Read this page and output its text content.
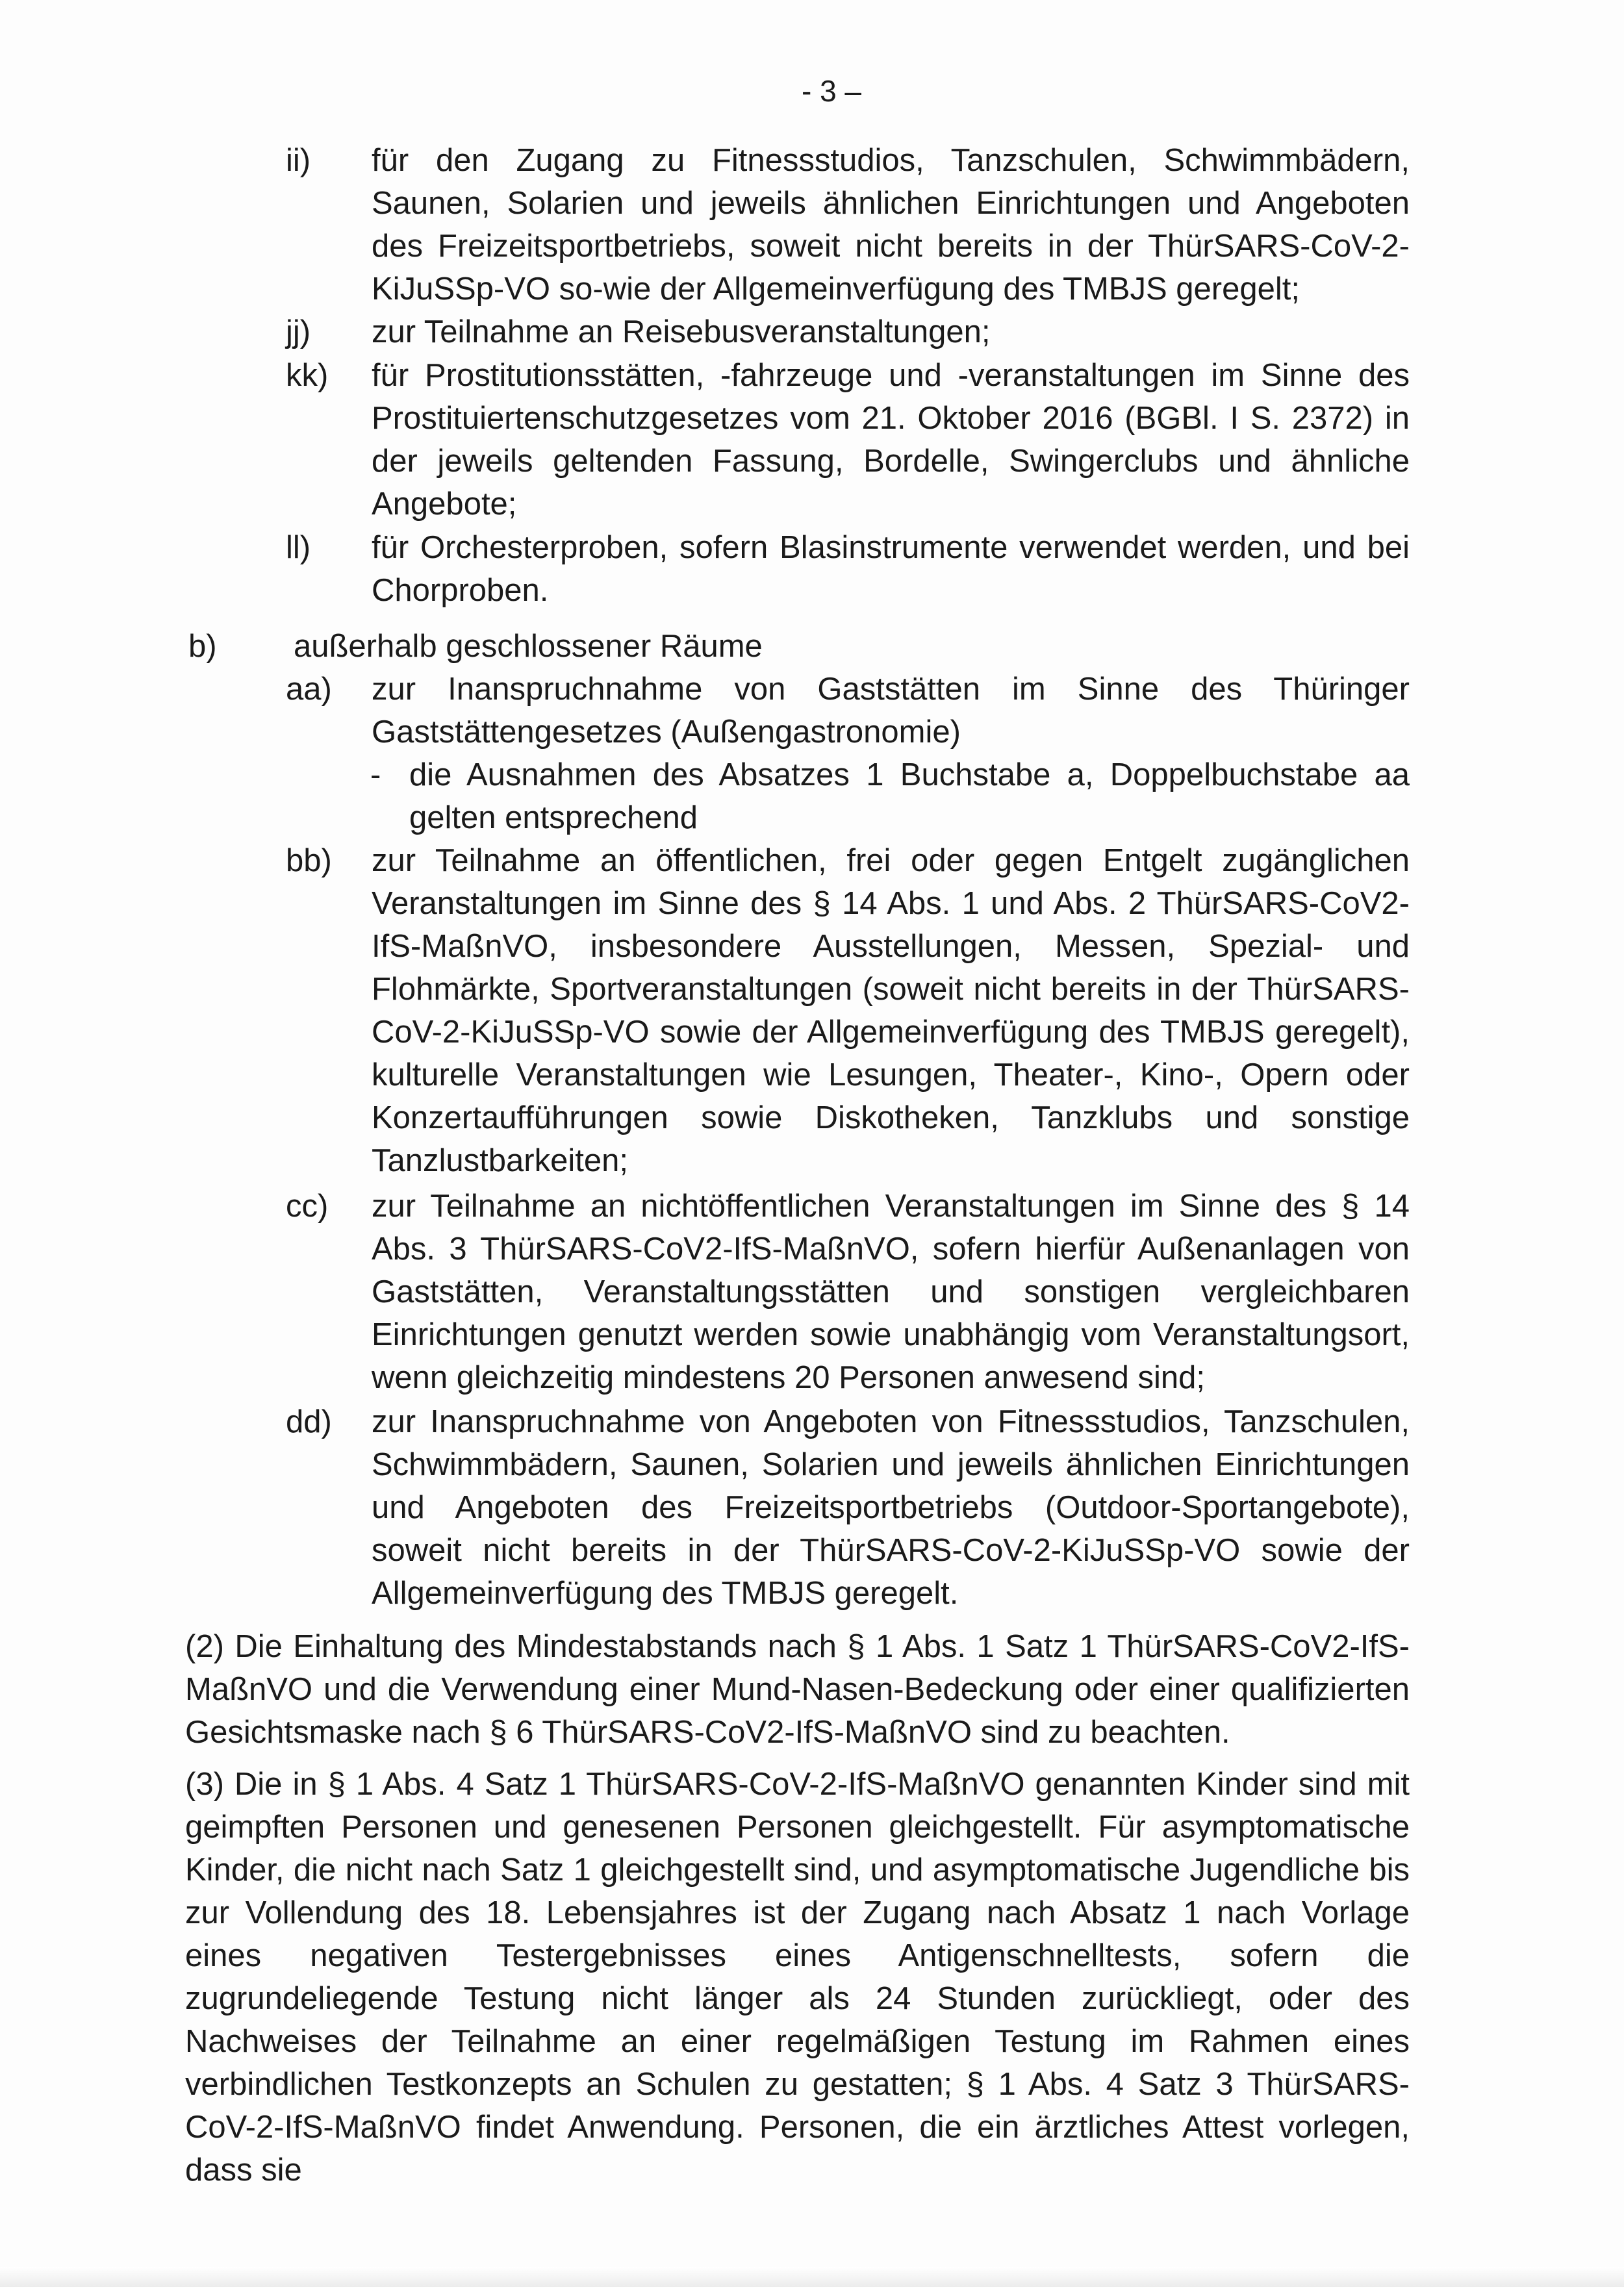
- 3 –
ii)	für den Zugang zu Fitnessstudios, Tanzschulen, Schwimmbädern, Saunen, Solarien und jeweils ähnlichen Einrichtungen und Angeboten des Freizeitsportbetriebs, soweit nicht bereits in der ThürSARS-CoV-2-KiJuSSp-VO so-wie der Allgemeinverfügung des TMBJS geregelt;
jj)	zur Teilnahme an Reisebusveranstaltungen;
kk)	für Prostitutionsstätten, -fahrzeuge und -veranstaltungen im Sinne des Prostituiertenschutzgesetzes vom 21. Oktober 2016 (BGBl. I S. 2372) in der jeweils geltenden Fassung, Bordelle, Swingerclubs und ähnliche Angebote;
ll)	für Orchesterproben, sofern Blasinstrumente verwendet werden, und bei Chorproben.
b)	außerhalb geschlossener Räume
aa)	zur Inanspruchnahme von Gaststätten im Sinne des Thüringer Gaststättengesetzes (Außengastronomie)
- die Ausnahmen des Absatzes 1 Buchstabe a, Doppelbuchstabe aa gelten entsprechend
bb)	zur Teilnahme an öffentlichen, frei oder gegen Entgelt zugänglichen Veranstaltungen im Sinne des § 14 Abs. 1 und Abs. 2 ThürSARS-CoV2-IfS-MaßnVO, insbesondere Ausstellungen, Messen, Spezial- und Flohmärkte, Sportveranstaltungen (soweit nicht bereits in der ThürSARS-CoV-2-KiJuSSp-VO sowie der Allgemeinverfügung des TMBJS geregelt), kulturelle Veranstaltungen wie Lesungen, Theater-, Kino-, Opern oder Konzertaufführungen sowie Diskotheken, Tanzklubs und sonstige Tanzlustbarkeiten;
cc)	zur Teilnahme an nichtöffentlichen Veranstaltungen im Sinne des § 14 Abs. 3 ThürSARS-CoV2-IfS-MaßnVO, sofern hierfür Außenanlagen von Gaststätten, Veranstaltungsstätten und sonstigen vergleichbaren Einrichtungen genutzt werden sowie unabhängig vom Veranstaltungsort, wenn gleichzeitig mindestens 20 Personen anwesend sind;
dd)	zur Inanspruchnahme von Angeboten von Fitnessstudios, Tanzschulen, Schwimmbädern, Saunen, Solarien und jeweils ähnlichen Einrichtungen und Angeboten des Freizeitsportbetriebs (Outdoor-Sportangebote), soweit nicht bereits in der ThürSARS-CoV-2-KiJuSSp-VO sowie der Allgemeinverfügung des TMBJS geregelt.
(2) Die Einhaltung des Mindestabstands nach § 1 Abs. 1 Satz 1 ThürSARS-CoV2-IfS-MaßnVO und die Verwendung einer Mund-Nasen-Bedeckung oder einer qualifizierten Gesichtsmaske nach § 6 ThürSARS-CoV2-IfS-MaßnVO sind zu beachten.
(3) Die in § 1 Abs. 4 Satz 1 ThürSARS-CoV-2-IfS-MaßnVO genannten Kinder sind mit geimpften Personen und genesenen Personen gleichgestellt. Für asymptomatische Kinder, die nicht nach Satz 1 gleichgestellt sind, und asymptomatische Jugendliche bis zur Vollendung des 18. Lebensjahres ist der Zugang nach Absatz 1 nach Vorlage eines negativen Testergebnisses eines Antigenschnelltests, sofern die zugrundeliegende Testung nicht länger als 24 Stunden zurückliegt, oder des Nachweises der Teilnahme an einer regelmäßigen Testung im Rahmen eines verbindlichen Testkonzepts an Schulen zu gestatten; § 1 Abs. 4 Satz 3 ThürSARS-CoV-2-IfS-MaßnVO findet Anwendung. Personen, die ein ärztliches Attest vorlegen, dass sie
